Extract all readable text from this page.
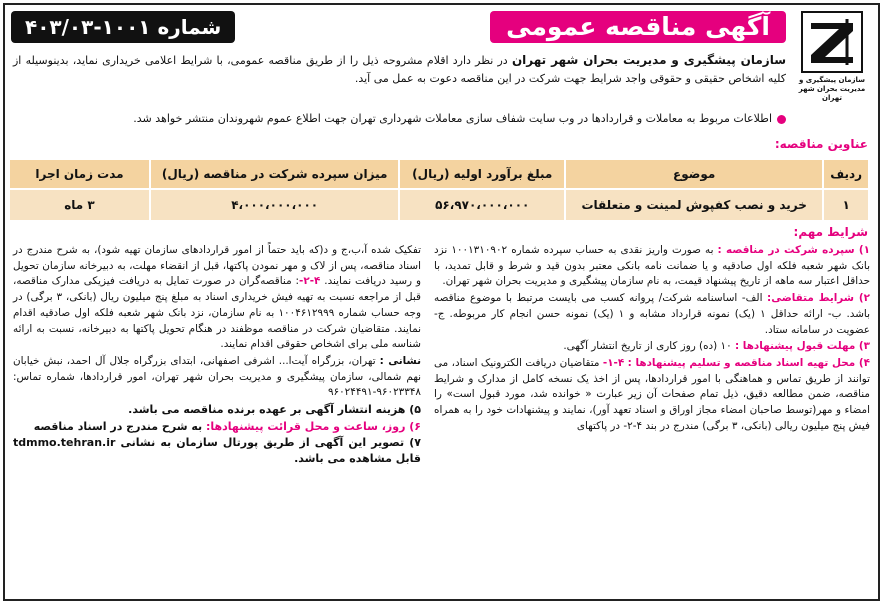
آگهی مناقصه عمومی
شماره ۱۰۰۱-۴۰۳/۰۳
سازمان پیشگیری و
مدیریت بحران شهر تهران
سازمان پیشگیری و مدیریت بحران شهر تهران در نظر دارد اقلام مشروحه ذیل را از طریق مناقصه عمومی، با شرایط اعلامی خریداری نماید، بدینوسیله از کلیه اشخاص حقیقی و حقوقی واجد شرایط جهت شرکت در این مناقصه دعوت به عمل می آید.
اطلاعات مربوط به معاملات و قراردادها در وب سایت شفاف سازی معاملات شهرداری تهران جهت اطلاع عموم شهروندان منتشر خواهد شد.
عناوین مناقصه:
ردیف	موضوع	مبلغ برآورد اولیه (ریال)	میزان سپرده شرکت در مناقصه (ریال)	مدت زمان اجرا
۱	خرید و نصب کفپوش لمینت و متعلقات	۵۶،۹۷۰،۰۰۰،۰۰۰	۴،۰۰۰،۰۰۰،۰۰۰	۳ ماه
شرایط مهم:

۱) سپرده شرکت در مناقصه : به صورت واریز نقدی به حساب سپرده شماره ۱۰۰۱۳۱۰۹۰۲ نزد بانک شهر شعبه فلکه اول صادقیه و یا ضمانت نامه بانکی معتبر بدون قید و شرط و قابل تمدید، با حداقل اعتبار سه ماهه از تاریخ پیشنهاد قیمت، به نام سازمان پیشگیری و مدیریت بحران شهر تهران.

۲) شرایط متقاضی: الف- اساسنامه شرکت/ پروانه کسب می بایست مرتبط با موضوع مناقصه باشد. ب- ارائه حداقل ۱ (یک) نمونه قرارداد مشابه و ۱ (یک) نمونه حسن انجام کار مربوطه. ج- عضویت در سامانه ستاد.

۳) مهلت قبول پیشنهادها : ۱۰ (ده) روز کاری از تاریخ انتشار آگهی.

۴) محل تهیه اسناد مناقصه و تسلیم پیشنهادها : ۴-۱- متقاضیان دریافت الکترونیک اسناد، می توانند از طریق تماس و هماهنگی با امور قراردادها، پس از اخذ یک نسخه کامل از مدارک و شرایط مناقصه، ضمن مطالعه دقیق، ذیل تمام صفحات آن زیر عبارت « خوانده شد، مورد قبول است» را امضاء و مهر(توسط صاحبان امضاء مجاز اوراق و اسناد تعهد آور)، نمایند و پیشنهادات خود را به همراه فیش پنج میلیون ریالی (بانکی، ۳ برگی) مندرج در بند ۴-۲- در پاکتهای

تفکیک شده آ،ب،ج و د(که باید حتماً از امور قراردادهای سازمان تهیه شود)، به شرح مندرج در اسناد مناقصه، پس از لاک و مهر نمودن پاکتها، قبل از انقضاء مهلت، به دبیرخانه سازمان تحویل و رسید دریافت نمایند. ۴-۲-: مناقصه‌گران در صورت تمایل به دریافت فیزیکی مدارک مناقصه، قبل از مراجعه نسبت به تهیه فیش خریداری اسناد به مبلغ پنج میلیون ریال (بانکی، ۳ برگی) در وجه حساب شماره ۱۰۰۴۶۱۲۹۹۹ به نام سازمان، نزد بانک شهر شعبه فلکه اول صادقیه اقدام نمایند. متقاضیان شرکت در مناقصه موظفند در هنگام تحویل پاکتها به دبیرخانه، نسبت به ارائه شناسه ملی برای اشخاص حقوقی اقدام نمایند.

نشانی : تهران، بزرگراه آیت‌ا... اشرفی اصفهانی، ابتدای بزرگراه جلال آل احمد، نبش خیابان نهم شمالی، سازمان پیشگیری و مدیریت بحران شهر تهران، امور قراردادها، شماره تماس: ۹۶۰۲۳۳۴۸-۹۶۰۲۴۴۹۱

۵) هزینه انتشار آگهی بر عهده برنده مناقصه می باشد.

۶) روز، ساعت و محل قرائت پیشنهادها: به شرح مندرج در اسناد مناقصه

۷) تصویر این آگهی از طریق پورتال سازمان به نشانی tdmmo.tehran.ir قابل مشاهده می باشد.
